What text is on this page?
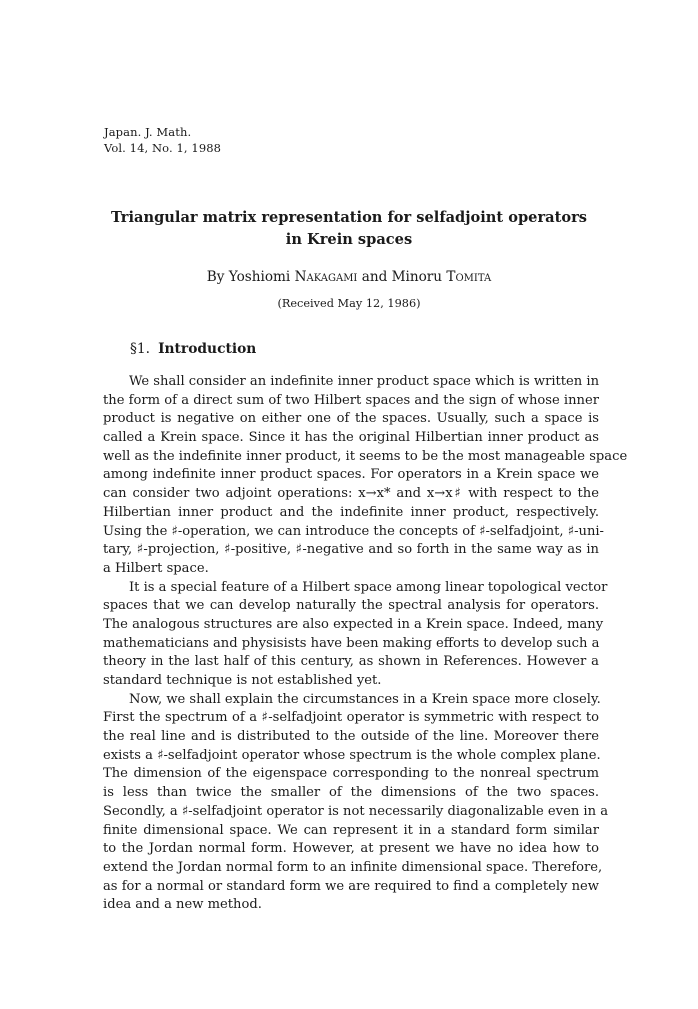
Japan. J. Math.
Vol. 14, No. 1, 1988
Triangular matrix representation for selfadjoint operators
in Krein spaces
By Yoshiomi Nakagami and Minoru Tomita
(Received May 12, 1986)
§1. Introduction
We shall consider an indefinite inner product space which is written in
the form of a direct sum of two Hilbert spaces and the sign of whose inner
product is negative on either one of the spaces. Usually, such a space is
called a Krein space. Since it has the original Hilbertian inner product as
well as the indefinite inner product, it seems to be the most manageable space
among indefinite inner product spaces. For operators in a Krein space we
can consider two adjoint operations: x→x* and x→x♯ with respect to the
Hilbertian inner product and the indefinite inner product, respectively.
Using the ♯-operation, we can introduce the concepts of ♯-selfadjoint, ♯-uni-
tary, ♯-projection, ♯-positive, ♯-negative and so forth in the same way as in
a Hilbert space.
It is a special feature of a Hilbert space among linear topological vector
spaces that we can develop naturally the spectral analysis for operators.
The analogous structures are also expected in a Krein space. Indeed, many
mathematicians and physisists have been making efforts to develop such a
theory in the last half of this century, as shown in References. However a
standard technique is not established yet.
Now, we shall explain the circumstances in a Krein space more closely.
First the spectrum of a ♯-selfadjoint operator is symmetric with respect to
the real line and is distributed to the outside of the line. Moreover there
exists a ♯-selfadjoint operator whose spectrum is the whole complex plane.
The dimension of the eigenspace corresponding to the nonreal spectrum
is less than twice the smaller of the dimensions of the two spaces.
Secondly, a ♯-selfadjoint operator is not necessarily diagonalizable even in a
finite dimensional space. We can represent it in a standard form similar
to the Jordan normal form. However, at present we have no idea how to
extend the Jordan normal form to an infinite dimensional space. Therefore,
as for a normal or standard form we are required to find a completely new
idea and a new method.
